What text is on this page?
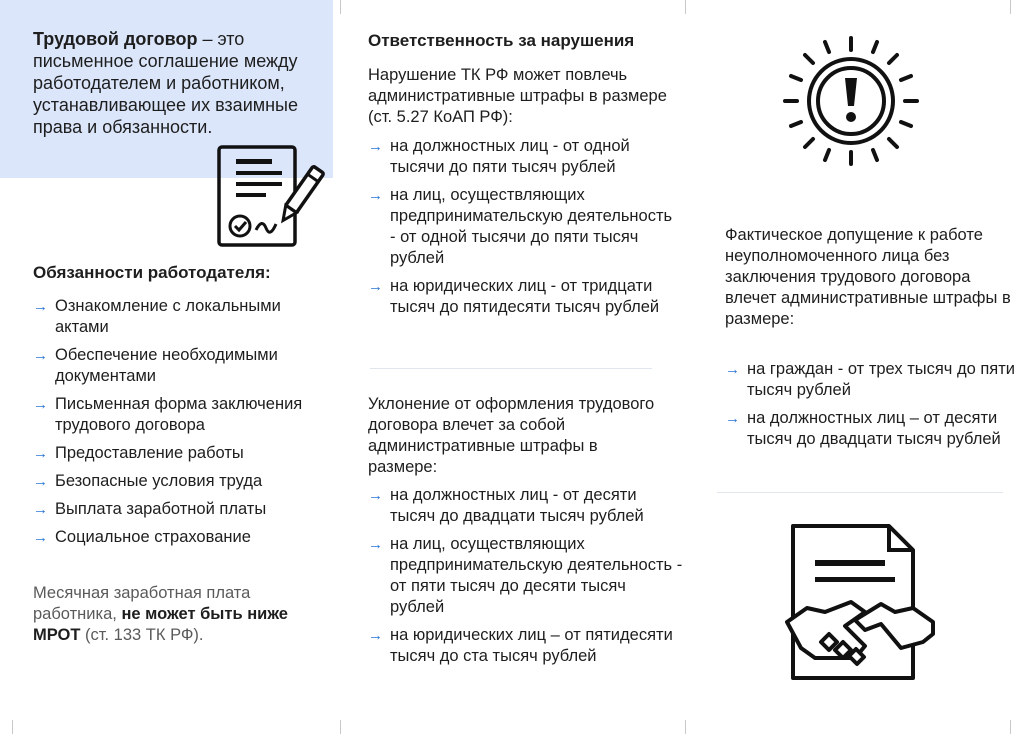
Трудовой договор – это письменное соглашение между работодателем и работником, устанавливающее их взаимные права и обязанности.
Обязанности работодателя:
→ Ознакомление с локальными актами
→ Обеспечение необходимыми документами
→ Письменная форма заключения трудового договора
→ Предоставление работы
→ Безопасные условия труда
→ Выплата заработной платы
→ Социальное страхование
Месячная заработная плата работника, не может быть ниже МРОТ (ст. 133 ТК РФ).
Ответственность за нарушения
Нарушение ТК РФ может повлечь административные штрафы в размере (ст. 5.27 КоАП РФ):
→ на должностных лиц - от одной тысячи до пяти тысяч рублей
→ на лиц, осуществляющих предпринимательскую деятельность - от одной тысячи до пяти тысяч рублей
→ на юридических лиц - от тридцати тысяч до пятидесяти тысяч рублей
Уклонение от оформления трудового договора влечет за собой административные штрафы в размере:
→ на должностных лиц - от десяти тысяч до двадцати тысяч рублей
→ на лиц, осуществляющих предпринимательскую деятельность - от пяти тысяч до десяти тысяч рублей
→ на юридических лиц – от пятидесяти тысяч до ста тысяч рублей
Фактическое допущение к работе неуполномоченного лица без заключения трудового договора влечет административные штрафы в размере:
→ на граждан - от трех тысяч до пяти тысяч рублей
→ на должностных лиц – от десяти тысяч до двадцати тысяч рублей
